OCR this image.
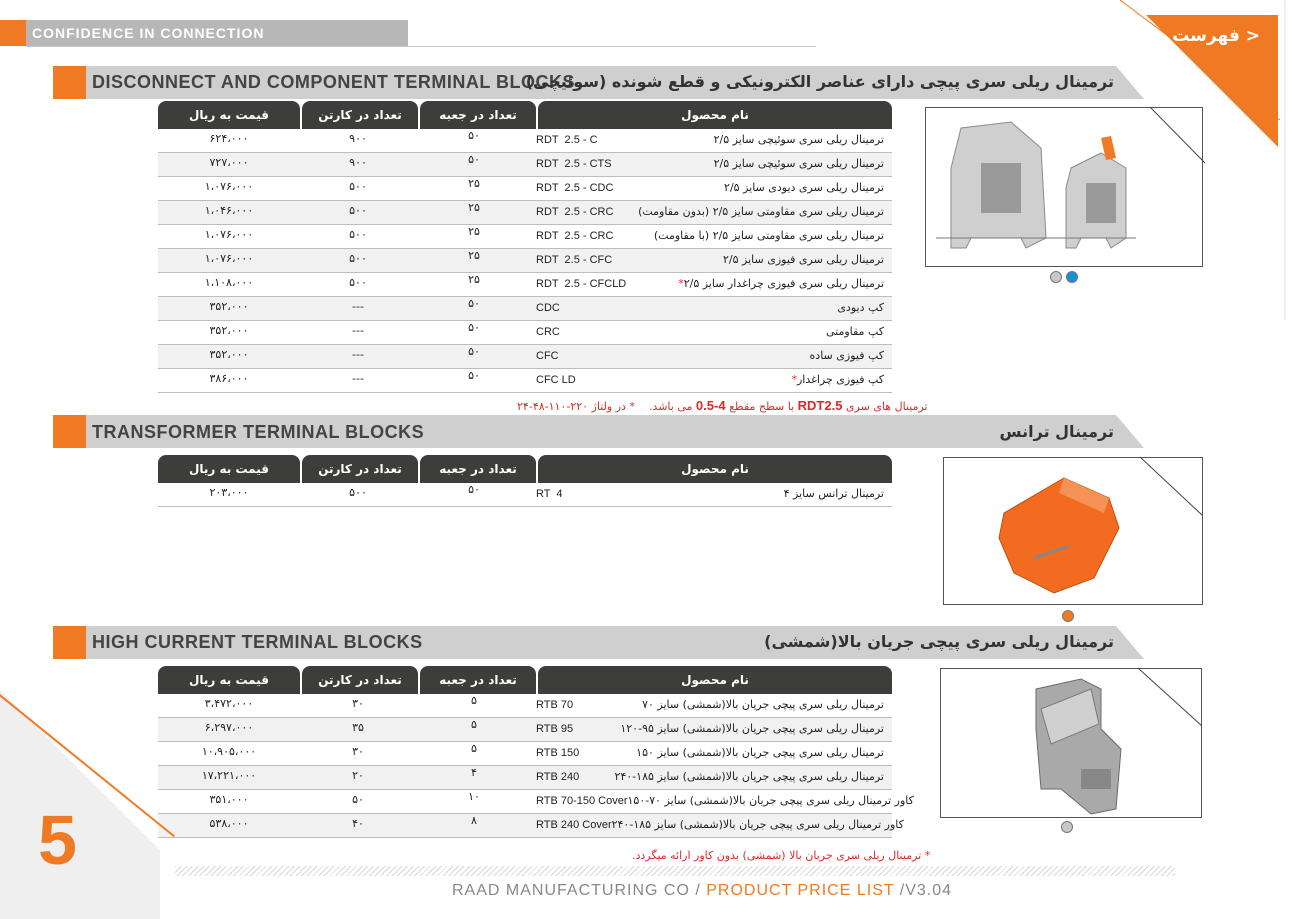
CONFIDENCE IN CONNECTION	< فهرست
DISCONNECT AND COMPONENT TERMINAL BLOCKS
ترمینال ریلی سری پیچی دارای عناصر الکترونیکی و قطع شونده (سوئیچی)
قیمت به ریال	تعداد در کارتن	تعداد در جعبه	نام محصول
۶۲۴،۰۰۰	۹۰۰	۵۰	RDT  2.5 - C	ترمینال ریلی سری سوئیچی سایز ۲/۵
۷۲۷،۰۰۰	۹۰۰	۵۰	RDT  2.5 - CTS	ترمینال ریلی سری سوئیچی سایز ۲/۵
۱،۰۷۶،۰۰۰	۵۰۰	۲۵	RDT  2.5 - CDC	ترمینال ریلی سری دیودی سایز ۲/۵
۱،۰۴۶،۰۰۰	۵۰۰	۲۵	RDT  2.5 - CRC ترمینال ریلی سری مقاومتی سایز ۲/۵ (بدون مقاومت)
۱،۰۷۶،۰۰۰	۵۰۰	۲۵	RDT  2.5 - CRC	ترمینال ریلی سری مقاومتی سایز ۲/۵ (با مقاومت)
۱،۰۷۶،۰۰۰	۵۰۰	۲۵	RDT  2.5 - CFC	ترمینال ریلی سری فیوزی سایز ۲/۵
۱،۱۰۸،۰۰۰	۵۰۰	۲۵	RDT  2.5 - CFCLD	ترمینال ریلی سری فیوزی چراغدار سایز ۲/۵*
۳۵۲،۰۰۰	---	۵۰	CDC	کپ دیودی
۳۵۲،۰۰۰	---	۵۰	CRC	کپ مقاومتی
۳۵۲،۰۰۰	---	۵۰	CFC	کپ فیوزی ساده
۳۸۶،۰۰۰	---	۵۰	CFC LD	کپ فیوزی چراغدار*
ترمینال های سری RDT2.5 با سطح مقطع 4-0.5 می باشد.    * در ولتاژ ۲۲۰-۱۱۰-۴۸-۲۴
TRANSFORMER TERMINAL BLOCKS	ترمینال ترانس
قیمت به ریال	تعداد در کارتن	تعداد در جعبه	نام محصول
۲۰۳،۰۰۰	۵۰۰	۵۰	RT  4	ترمینال ترانس سایز ۴
HIGH CURRENT TERMINAL BLOCKS	ترمینال ریلی سری پیچی جریان بالا(شمشی)
قیمت به ریال	تعداد در کارتن	تعداد در جعبه	نام محصول
۳،۴۷۲،۰۰۰	۳۰	۵	RTB 70	ترمینال ریلی سری پیچی جریان بالا(شمشی) سایز ۷۰
۶،۲۹۷،۰۰۰	۳۵	۵	RTB 95	ترمینال ریلی سری پیچی جریان بالا(شمشی) سایز ۹۵-۱۲۰
۱۰،۹۰۵،۰۰۰	۳۰	۵	RTB 150	ترمینال ریلی سری پیچی جریان بالا(شمشی) سایز ۱۵۰
۱۷،۲۲۱،۰۰۰	۲۰	۴	RTB 240	ترمینال ریلی سری پیچی جریان بالا(شمشی) سایز ۱۸۵-۲۴۰
۳۵۱،۰۰۰	۵۰	۱۰	RTB 70-150 Cover کاور ترمینال ریلی سری پیچی جریان بالا(شمشی) سایز ۷۰-۱۵۰
۵۳۸،۰۰۰	۴۰	۸	RTB 240 Cover کاور ترمینال ریلی سری پیچی جریان بالا(شمشی) سایز ۱۸۵-۲۴۰
* ترمینال ریلی سری جریان بالا (شمشی) بدون کاور ارائه میگردد.
5
RAAD MANUFACTURING CO / PRODUCT PRICE LIST /V3.04
